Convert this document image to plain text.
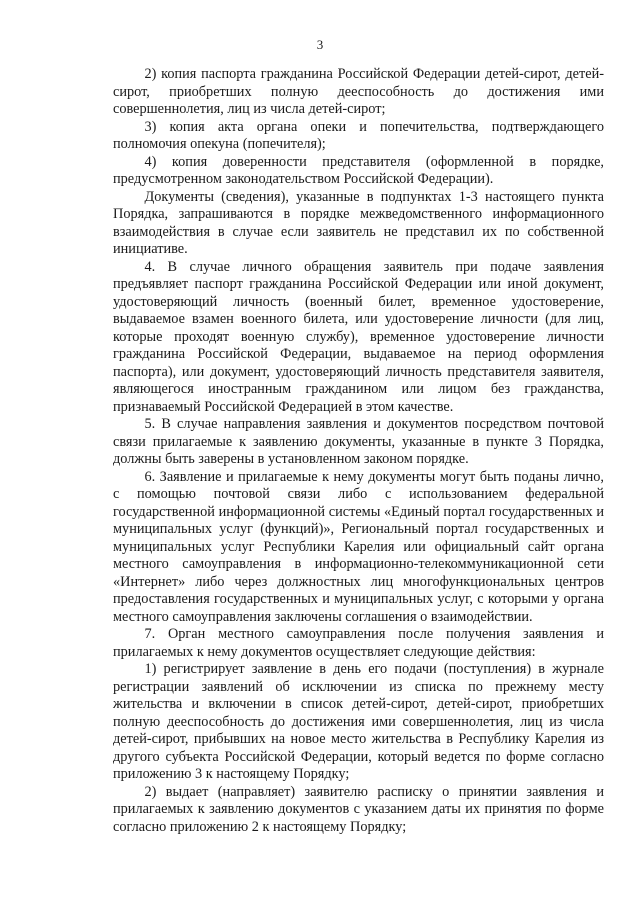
3

2) копия паспорта гражданина Российской Федерации детей-сирот, детей-сирот, приобретших полную дееспособность до достижения ими совершеннолетия, лиц из числа детей-сирот;

3) копия акта органа опеки и попечительства, подтверждающего полномочия опекуна (попечителя);

4) копия доверенности представителя (оформленной в порядке, предусмотренном законодательством Российской Федерации).

Документы (сведения), указанные в подпунктах 1-3 настоящего пункта Порядка, запрашиваются в порядке межведомственного информационного взаимодействия в случае если заявитель не представил их по собственной инициативе.

4. В случае личного обращения заявитель при подаче заявления предъявляет паспорт гражданина Российской Федерации или иной документ, удостоверяющий личность (военный билет, временное удостоверение, выдаваемое взамен военного билета, или удостоверение личности (для лиц, которые проходят военную службу), временное удостоверение личности гражданина Российской Федерации, выдаваемое на период оформления паспорта), или документ, удостоверяющий личность представителя заявителя, являющегося иностранным гражданином или лицом без гражданства, признаваемый Российской Федерацией в этом качестве.

5. В случае направления заявления и документов посредством почтовой связи прилагаемые к заявлению документы, указанные в пункте 3 Порядка, должны быть заверены в установленном законом порядке.

6. Заявление и прилагаемые к нему документы могут быть поданы лично, с помощью почтовой связи либо с использованием федеральной государственной информационной системы «Единый портал государственных и муниципальных услуг (функций)», Региональный портал государственных и муниципальных услуг Республики Карелия или официальный сайт органа местного самоуправления в информационно-телекоммуникационной сети «Интернет» либо через должностных лиц многофункциональных центров предоставления государственных и муниципальных услуг, с которыми у органа местного самоуправления заключены соглашения о взаимодействии.

7. Орган местного самоуправления после получения заявления и прилагаемых к нему документов осуществляет следующие действия:

1) регистрирует заявление в день его подачи (поступления) в журнале регистрации заявлений об исключении из списка по прежнему месту жительства и включении в список детей-сирот, детей-сирот, приобретших полную дееспособность до достижения ими совершеннолетия, лиц из числа детей-сирот, прибывших на новое место жительства в Республику Карелия из другого субъекта Российской Федерации, который ведется по форме согласно приложению 3 к настоящему Порядку;

2) выдает (направляет) заявителю расписку о принятии заявления и прилагаемых к заявлению документов с указанием даты их принятия по форме согласно приложению 2 к настоящему Порядку;
